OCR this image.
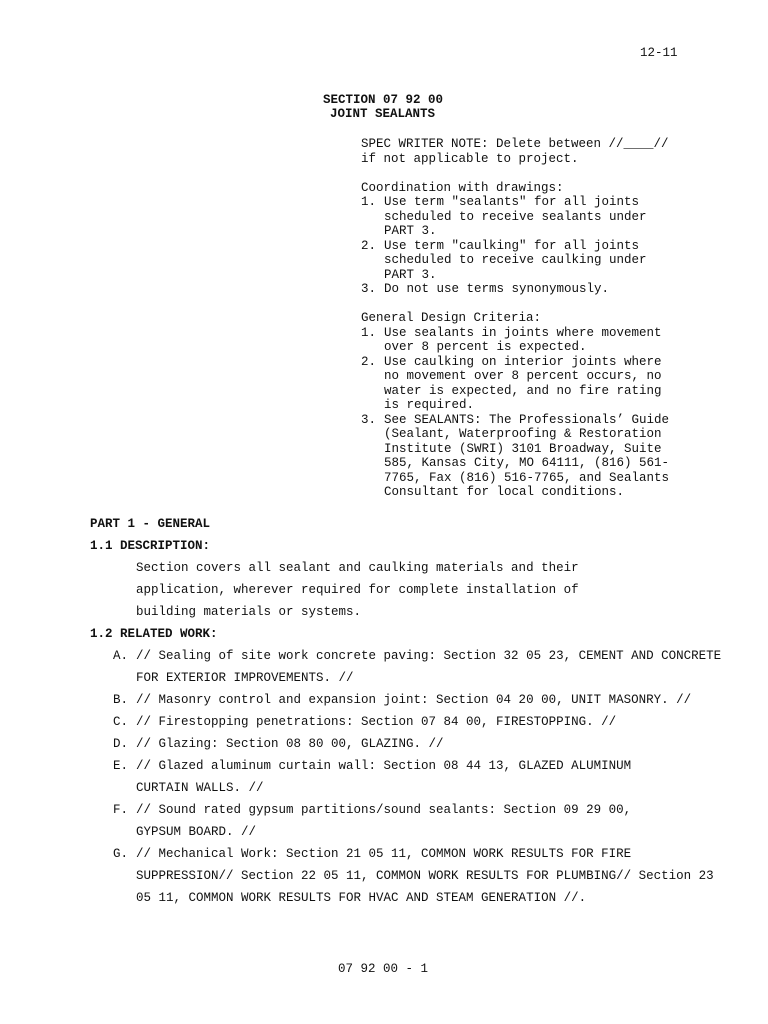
12-11
SECTION 07 92 00
JOINT SEALANTS
SPEC WRITER NOTE: Delete between //____//
if not applicable to project.
Coordination with drawings:
1. Use term "sealants" for all joints scheduled to receive sealants under PART 3.
2. Use term "caulking" for all joints scheduled to receive caulking under PART 3.
3. Do not use terms synonymously.
General Design Criteria:
1. Use sealants in joints where movement over 8 percent is expected.
2. Use caulking on interior joints where no movement over 8 percent occurs, no water is expected, and no fire rating is required.
3. See SEALANTS: The Professionals’ Guide (Sealant, Waterproofing & Restoration Institute (SWRI) 3101 Broadway, Suite 585, Kansas City, MO 64111, (816) 561-7765, Fax (816) 516-7765, and Sealants Consultant for local conditions.
PART 1 - GENERAL
1.1 DESCRIPTION:
Section covers all sealant and caulking materials and their application, wherever required for complete installation of building materials or systems.
1.2 RELATED WORK:
A. // Sealing of site work concrete paving: Section 32 05 23, CEMENT AND CONCRETE FOR EXTERIOR IMPROVEMENTS. //
B. // Masonry control and expansion joint: Section 04 20 00, UNIT MASONRY. //
C. // Firestopping penetrations: Section 07 84 00, FIRESTOPPING. //
D. // Glazing: Section 08 80 00, GLAZING. //
E. // Glazed aluminum curtain wall: Section 08 44 13, GLAZED ALUMINUM CURTAIN WALLS. //
F. // Sound rated gypsum partitions/sound sealants: Section 09 29 00, GYPSUM BOARD. //
G. // Mechanical Work: Section 21 05 11, COMMON WORK RESULTS FOR FIRE SUPPRESSION// Section 22 05 11, COMMON WORK RESULTS FOR PLUMBING// Section 23 05 11, COMMON WORK RESULTS FOR HVAC AND STEAM GENERATION //.
07 92 00 - 1
